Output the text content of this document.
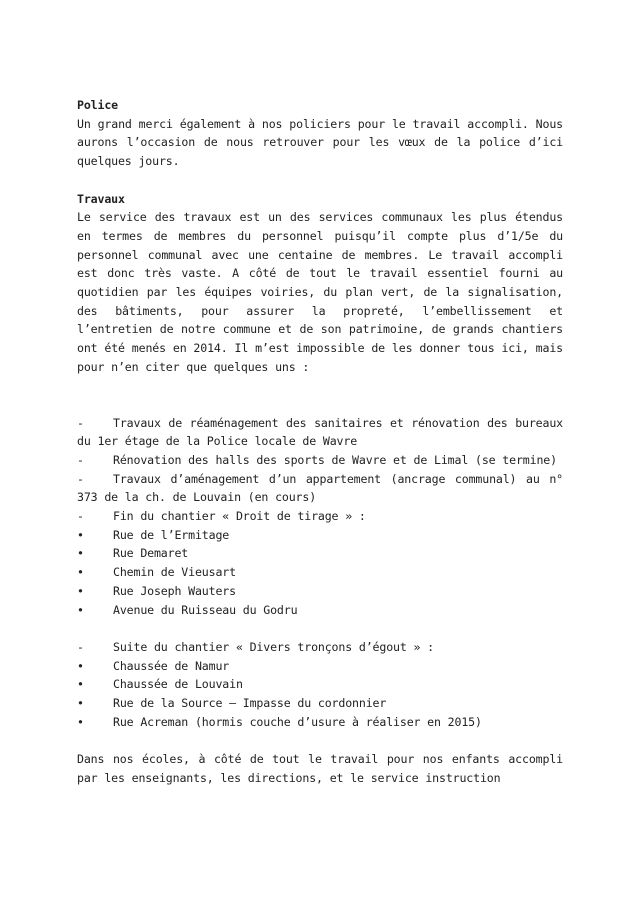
Police

Un grand merci également à nos policiers pour le travail accompli. Nous aurons l’occasion de nous retrouver pour les vœux de la police d’ici quelques jours.

Travaux

Le service des travaux est un des services communaux les plus étendus en termes de membres du personnel puisqu’il compte plus d’1/5e du personnel communal avec une centaine de membres. Le travail accompli est donc très vaste. A côté de tout le travail essentiel fourni au quotidien par les équipes voiries, du plan vert, de la signalisation, des bâtiments, pour assurer la propreté, l’embellissement et l’entretien de notre commune et de son patrimoine, de grands chantiers ont été menés en 2014. Il m’est impossible de les donner tous ici, mais pour n’en citer que quelques uns :

-	Travaux de réaménagement des sanitaires et rénovation des bureaux du 1er étage de la Police locale de Wavre

-	Rénovation des halls des sports de Wavre et de Limal (se termine)

-	Travaux d’aménagement d’un appartement (ancrage communal) au n° 373 de la ch. de Louvain (en cours)

-	Fin du chantier « Droit de tirage » :

•	Rue de l’Ermitage

•	Rue Demaret

•	Chemin de Vieusart

•	Rue Joseph Wauters

•	Avenue du Ruisseau du Godru

-	Suite du chantier « Divers tronçons d’égout » :

•	Chaussée de Namur

•	Chaussée de Louvain

•	Rue de la Source – Impasse du cordonnier

•	Rue Acreman (hormis couche d’usure à réaliser en 2015)

Dans nos écoles, à côté de tout le travail pour nos enfants accompli par les enseignants, les directions, et le service instruction
